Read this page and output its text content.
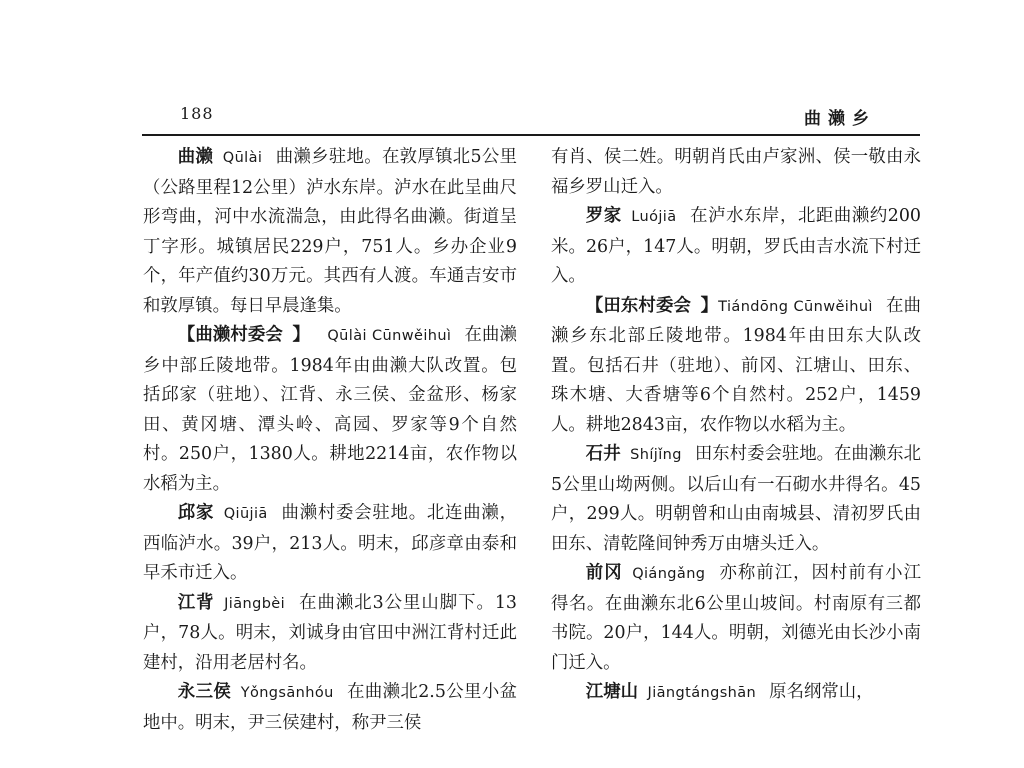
188	曲濑乡

曲濑 Qūlài 曲濑乡驻地。在敦厚镇北5公里（公路里程12公里）泸水东岸。泸水在此呈曲尺形弯曲，河中水流湍急，由此得名曲濑。街道呈丁字形。城镇居民229户，751人。乡办企业9个，年产值约30万元。其西有人渡。车通吉安市和敦厚镇。每日早晨逢集。

【曲濑村委会 】  Qūlài Cūnwěihuì 在曲濑乡中部丘陵地带。1984年由曲濑大队改置。包括邱家（驻地）、江背、永三侯、金盆形、杨家田、黄冈塘、潭头岭、高园、罗家等9个自然村。250户，1380人。耕地2214亩，农作物以水稻为主。

邱家 Qiūjiā 曲濑村委会驻地。北连曲濑，西临泸水。39户，213人。明末，邱彦章由泰和早禾市迁入。

江背 Jiāngbèi 在曲濑北3公里山脚下。13户，78人。明末，刘诚身由官田中洲江背村迁此建村，沿用老居村名。

永三侯 Yǒngsānhóu 在曲濑北2.5公里小盆地中。明末，尹三侯建村，称尹三侯

有肖、侯二姓。明朝肖氏由卢家洲、侯一敬由永福乡罗山迁入。

罗家 Luójiā 在泸水东岸，北距曲濑约200米。26户，147人。明朝，罗氏由吉水流下村迁入。

【田东村委会 】Tiándōng Cūnwěihuì 在曲濑乡东北部丘陵地带。1984年由田东大队改置。包括石井（驻地）、前冈、江塘山、田东、珠木塘、大香塘等6个自然村。252户，1459人。耕地2843亩，农作物以水稻为主。

石井 Shíjǐng 田东村委会驻地。在曲濑东北5公里山坳两侧。以后山有一石砌水井得名。45户，299人。明朝曾和山由南城县、清初罗氏由田东、清乾隆间钟秀万由塘头迁入。

前冈 Qiángǎng 亦称前江，因村前有小江得名。在曲濑东北6公里山坡间。村南原有三都书院。20户，144人。明朝，刘德光由长沙小南门迁入。

江塘山 Jiāngtángshān 原名纲常山，
